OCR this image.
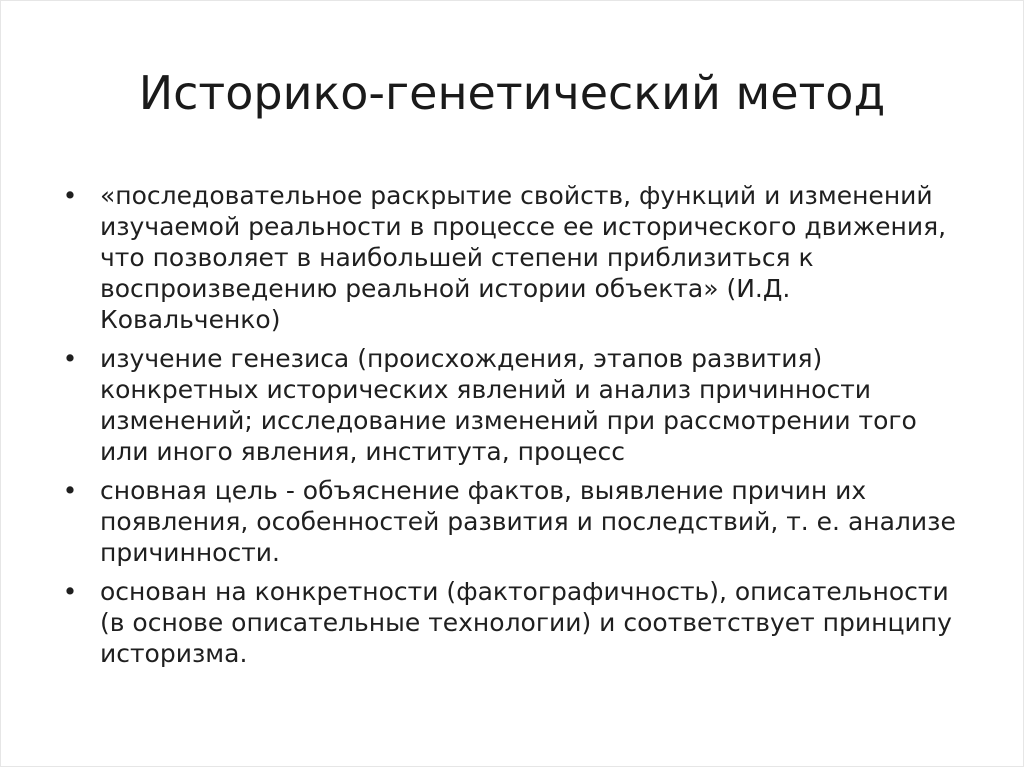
Историко-генетический метод
• «последовательное раскрытие свойств, функций и изменений изучаемой реальности в процессе ее исторического движения, что позволяет в наибольшей степени приблизиться к воспроизведению реальной истории объекта» (И.Д. Ковальченко)
• изучение генезиса (происхождения, этапов развития) конкретных исторических явлений и анализ причинности изменений; исследование изменений при рассмотрении того или иного явления, института, процесс
• сновная цель - объяснение фактов, выявление причин их появления, особенностей развития и последствий, т. е. анализе причинности.
• основан на конкретности (фактографичность), описательности (в основе описательные технологии) и соответствует принципу историзма.
